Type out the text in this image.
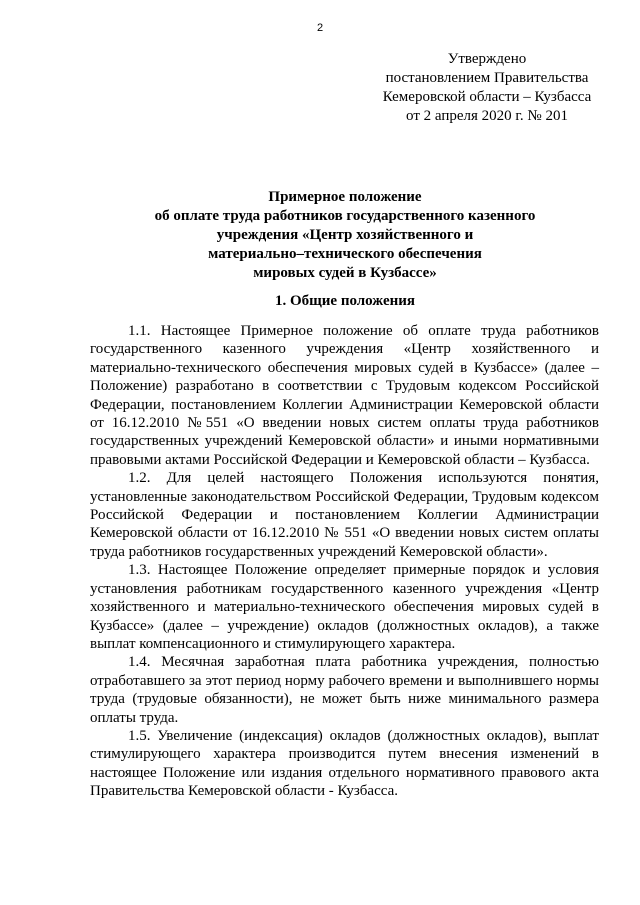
2
Утверждено
постановлением Правительства
Кемеровской области – Кузбасса
от 2 апреля 2020 г. № 201
Примерное положение
об оплате труда работников государственного казенного
учреждения «Центр хозяйственного и
материально–технического обеспечения
мировых судей в Кузбассе»
1. Общие положения

1.1. Настоящее Примерное положение об оплате труда работников государственного казенного учреждения «Центр хозяйственного и материально-технического обеспечения мировых судей в Кузбассе» (далее – Положение) разработано в соответствии с Трудовым кодексом Российской Федерации, постановлением Коллегии Администрации Кемеровской области от 16.12.2010 №551 «О введении новых систем оплаты труда работников государственных учреждений Кемеровской области» и иными нормативными правовыми актами Российской Федерации и Кемеровской области – Кузбасса.

1.2. Для целей настоящего Положения используются понятия, установленные законодательством Российской Федерации, Трудовым кодексом Российской Федерации и постановлением Коллегии Администрации Кемеровской области от 16.12.2010 № 551 «О введении новых систем оплаты труда работников государственных учреждений Кемеровской области».

1.3. Настоящее Положение определяет примерные порядок и условия установления работникам государственного казенного учреждения «Центр хозяйственного и материально-технического обеспечения мировых судей в Кузбассе» (далее – учреждение) окладов (должностных окладов), а также выплат компенсационного и стимулирующего характера.

1.4. Месячная заработная плата работника учреждения, полностью отработавшего за этот период норму рабочего времени и выполнившего нормы труда (трудовые обязанности), не может быть ниже минимального размера оплаты труда.

1.5. Увеличение (индексация) окладов (должностных окладов), выплат стимулирующего характера производится путем внесения изменений в настоящее Положение или издания отдельного нормативного правового акта Правительства Кемеровской области - Кузбасса.
